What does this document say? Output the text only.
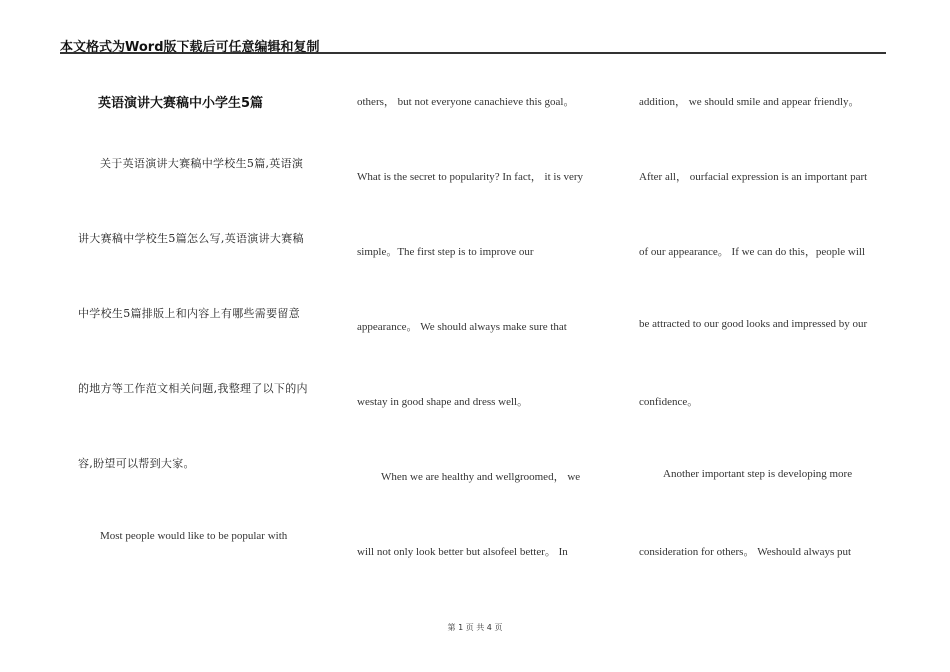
本文格式为Word版下载后可任意编辑和复制
英语演讲大赛稿中小学生5篇
关于英语演讲大赛稿中学校生5篇,英语演
讲大赛稿中学校生5篇怎么写,英语演讲大赛稿
中学校生5篇排版上和内容上有哪些需要留意
的地方等工作范文相关问题,我整理了以下的内
容,盼望可以帮到大家。
Most people would like to be popular with
others， but not everyone canachieve this goal。
What is the secret to popularity? In fact， it is very
simple。The first step is to improve our
appearance。 We should always make sure that
westay in good shape and dress well。
When we are healthy and wellgroomed， we
will not only look better but alsofeel better。 In
addition， we should smile and appear friendly。
After all， ourfacial expression is an important part
of our appearance。 If we can do this，people will
be attracted to our good looks and impressed by our
confidence。
Another important step is developing more
consideration for others。 Weshould always put
第 1 页 共 4 页
